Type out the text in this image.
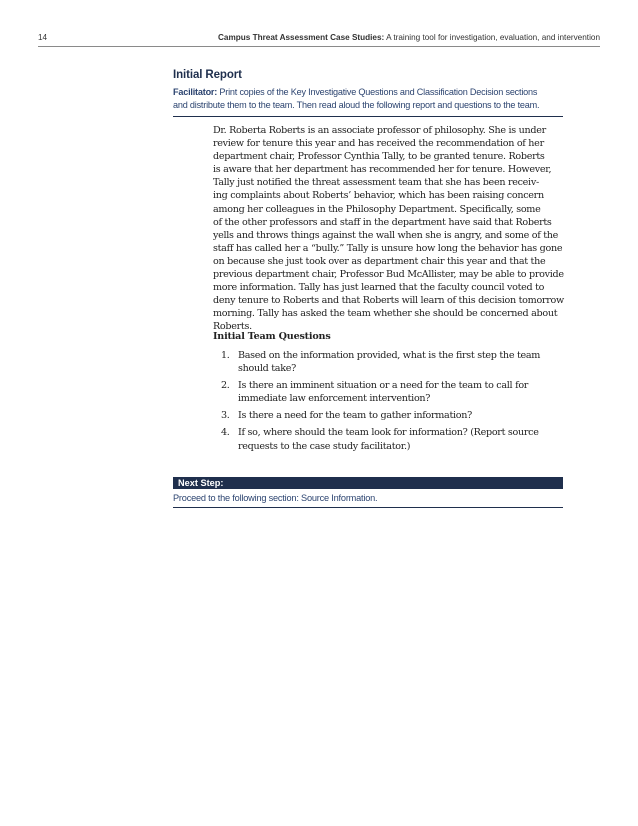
14	Campus Threat Assessment Case Studies: A training tool for investigation, evaluation, and intervention
Initial Report
Facilitator: Print copies of the Key Investigative Questions and Classification Decision sections
and distribute them to the team. Then read aloud the following report and questions to the team.

Dr. Roberta Roberts is an associate professor of philosophy. She is under
review for tenure this year and has received the recommendation of her
department chair, Professor Cynthia Tally, to be granted tenure. Roberts
is aware that her department has recommended her for tenure. However,
Tally just notified the threat assessment team that she has been receiv-
ing complaints about Roberts’ behavior, which has been raising concern
among her colleagues in the Philosophy Department. Specifically, some
of the other professors and staff in the department have said that Roberts
yells and throws things against the wall when she is angry, and some of the
staff has called her a “bully.” Tally is unsure how long the behavior has gone
on because she just took over as department chair this year and that the
previous department chair, Professor Bud McAllister, may be able to provide
more information. Tally has just learned that the faculty council voted to
deny tenure to Roberts and that Roberts will learn of this decision tomorrow
morning. Tally has asked the team whether she should be concerned about
Roberts.

Initial Team Questions
1. Based on the information provided, what is the first step the team
should take?
2. Is there an imminent situation or a need for the team to call for
immediate law enforcement intervention?
3. Is there a need for the team to gather information?
4. If so, where should the team look for information? (Report source
requests to the case study facilitator.)
Next Step:
Proceed to the following section: Source Information.
